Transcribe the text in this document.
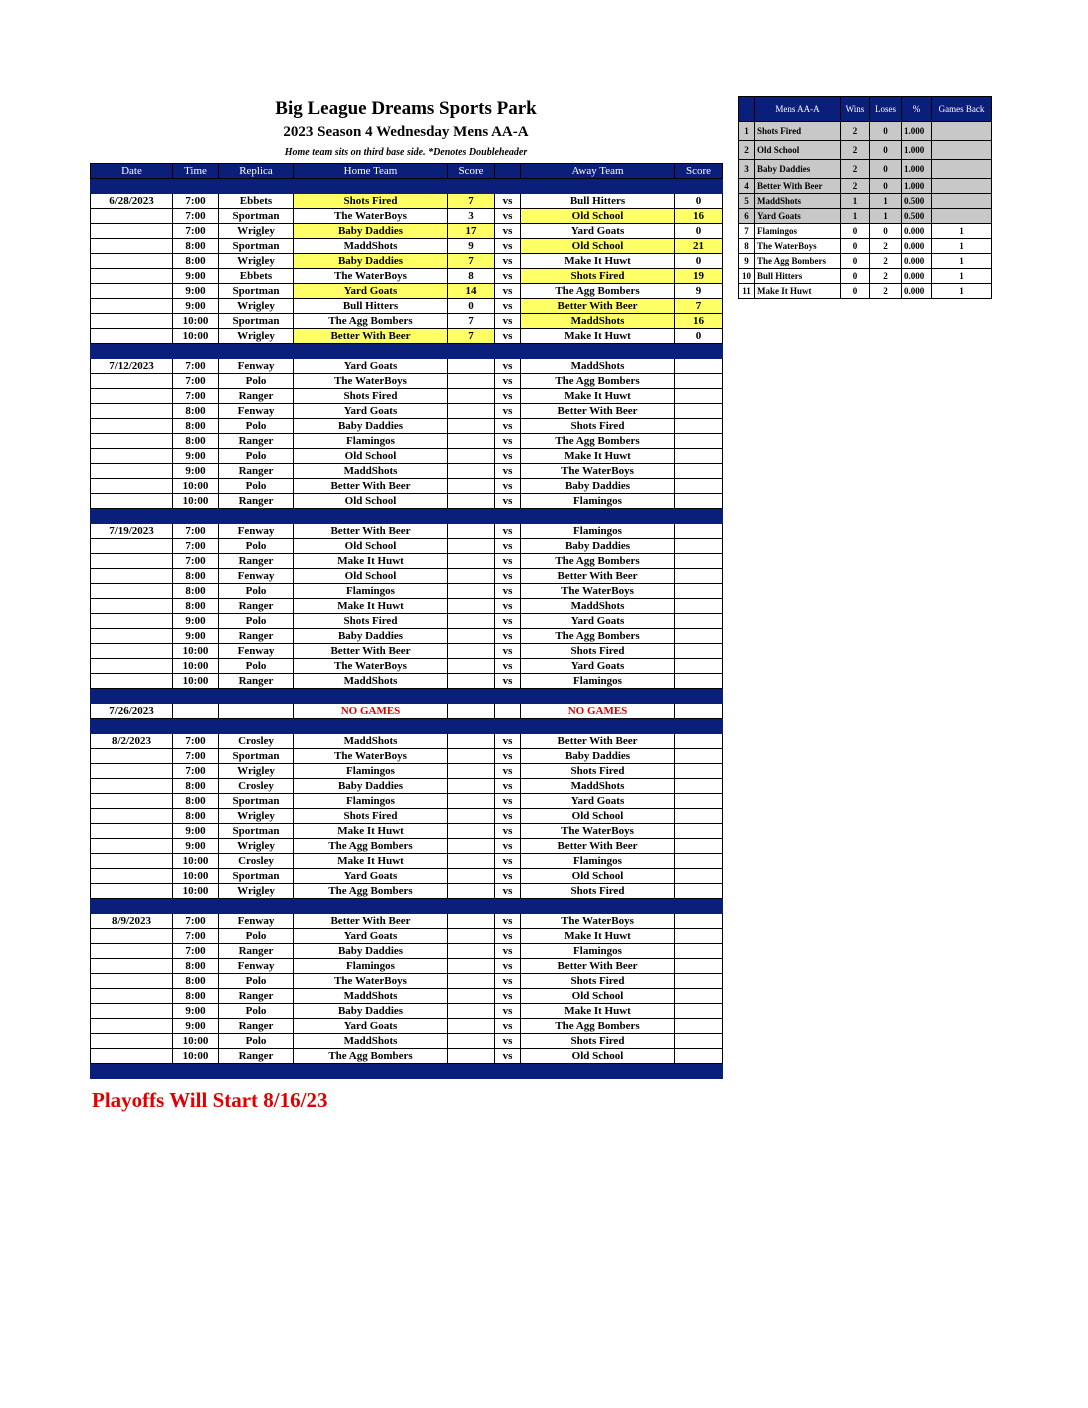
Big League Dreams Sports Park
2023 Season 4 Wednesday Mens AA-A
Home team sits on third base side. *Denotes Doubleheader
Date	Time	Replica	Home Team	Score		Away Team	Score

6/28/2023	7:00	Ebbets	Shots Fired	7	vs	Bull Hitters	0
	7:00	Sportman	The WaterBoys	3	vs	Old School	16
	7:00	Wrigley	Baby Daddies	17	vs	Yard Goats	0
	8:00	Sportman	MaddShots	9	vs	Old School	21
	8:00	Wrigley	Baby Daddies	7	vs	Make It Huwt	0
	9:00	Ebbets	The WaterBoys	8	vs	Shots Fired	19
	9:00	Sportman	Yard Goats	14	vs	The Agg Bombers	9
	9:00	Wrigley	Bull Hitters	0	vs	Better With Beer	7
	10:00	Sportman	The Agg Bombers	7	vs	MaddShots	16
	10:00	Wrigley	Better With Beer	7	vs	Make It Huwt	0

7/12/2023	7:00	Fenway	Yard Goats		vs	MaddShots	
	7:00	Polo	The WaterBoys		vs	The Agg Bombers	
	7:00	Ranger	Shots Fired		vs	Make It Huwt	
	8:00	Fenway	Yard Goats		vs	Better With Beer	
	8:00	Polo	Baby Daddies		vs	Shots Fired	
	8:00	Ranger	Flamingos		vs	The Agg Bombers	
	9:00	Polo	Old School		vs	Make It Huwt	
	9:00	Ranger	MaddShots		vs	The WaterBoys	
	10:00	Polo	Better With Beer		vs	Baby Daddies	
	10:00	Ranger	Old School		vs	Flamingos	

7/19/2023	7:00	Fenway	Better With Beer		vs	Flamingos	
	7:00	Polo	Old School		vs	Baby Daddies	
	7:00	Ranger	Make It Huwt		vs	The Agg Bombers	
	8:00	Fenway	Old School		vs	Better With Beer	
	8:00	Polo	Flamingos		vs	The WaterBoys	
	8:00	Ranger	Make It Huwt		vs	MaddShots	
	9:00	Polo	Shots Fired		vs	Yard Goats	
	9:00	Ranger	Baby Daddies		vs	The Agg Bombers	
	10:00	Fenway	Better With Beer		vs	Shots Fired	
	10:00	Polo	The WaterBoys		vs	Yard Goats	
	10:00	Ranger	MaddShots		vs	Flamingos	

7/26/2023			NO GAMES			NO GAMES	

8/2/2023	7:00	Crosley	MaddShots		vs	Better With Beer	
	7:00	Sportman	The WaterBoys		vs	Baby Daddies	
	7:00	Wrigley	Flamingos		vs	Shots Fired	
	8:00	Crosley	Baby Daddies		vs	MaddShots	
	8:00	Sportman	Flamingos		vs	Yard Goats	
	8:00	Wrigley	Shots Fired		vs	Old School	
	9:00	Sportman	Make It Huwt		vs	The WaterBoys	
	9:00	Wrigley	The Agg Bombers		vs	Better With Beer	
	10:00	Crosley	Make It Huwt		vs	Flamingos	
	10:00	Sportman	Yard Goats		vs	Old School	
	10:00	Wrigley	The Agg Bombers		vs	Shots Fired	

8/9/2023	7:00	Fenway	Better With Beer		vs	The WaterBoys	
	7:00	Polo	Yard Goats		vs	Make It Huwt	
	7:00	Ranger	Baby Daddies		vs	Flamingos	
	8:00	Fenway	Flamingos		vs	Better With Beer	
	8:00	Polo	The WaterBoys		vs	Shots Fired	
	8:00	Ranger	MaddShots		vs	Old School	
	9:00	Polo	Baby Daddies		vs	Make It Huwt	
	9:00	Ranger	Yard Goats		vs	The Agg Bombers	
	10:00	Polo	MaddShots		vs	Shots Fired	
	10:00	Ranger	The Agg Bombers		vs	Old School	

	Mens AA-A	Wins	Loses	%	Games Back
1	Shots Fired	2	0	1.000	
2	Old School	2	0	1.000	
3	Baby Daddies	2	0	1.000	
4	Better With Beer	2	0	1.000	
5	MaddShots	1	1	0.500	
6	Yard Goats	1	1	0.500	
7	Flamingos	0	0	0.000	1
8	The WaterBoys	0	2	0.000	1
9	The Agg Bombers	0	2	0.000	1
10	Bull Hitters	0	2	0.000	1
11	Make It Huwt	0	2	0.000	1
Playoffs Will Start 8/16/23
